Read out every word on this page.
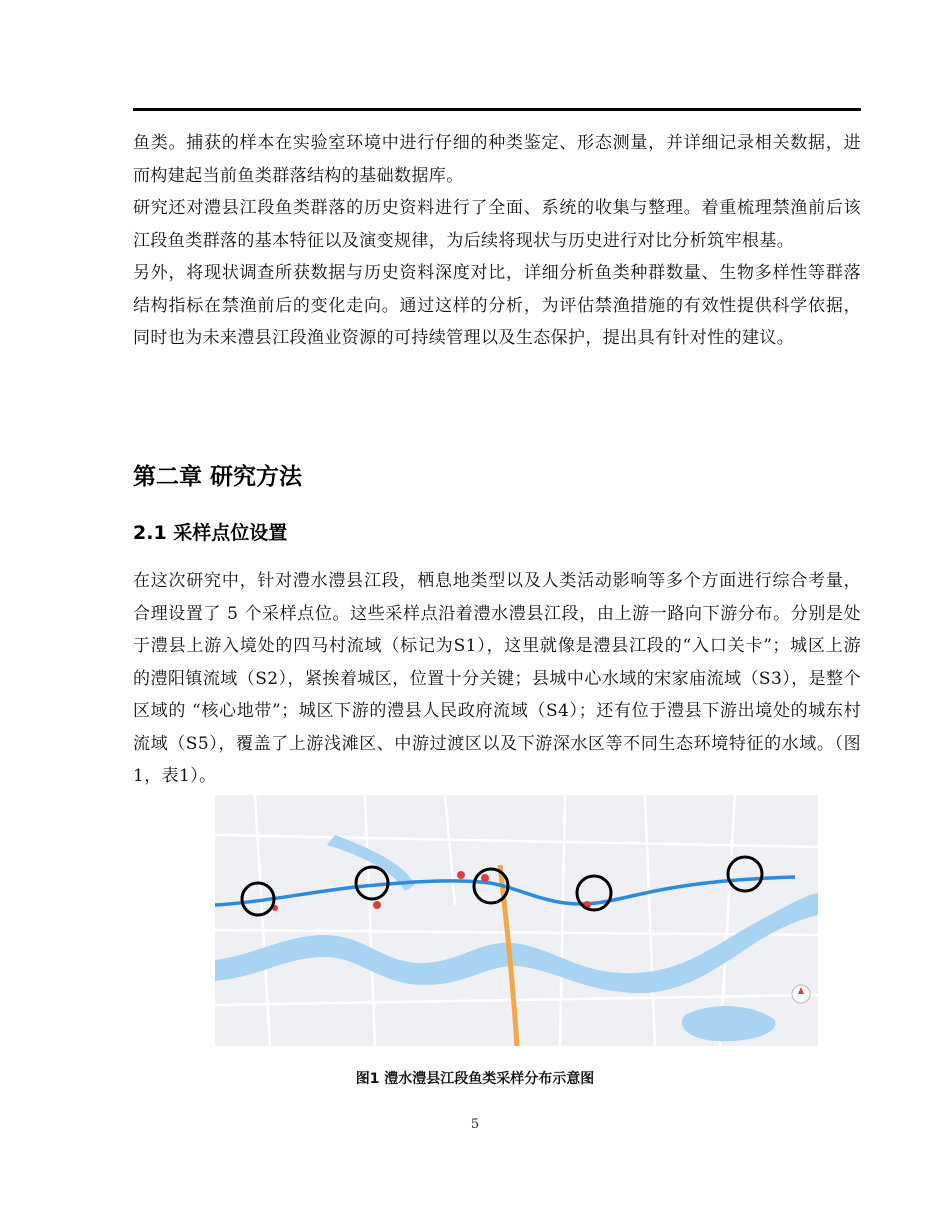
鱼类。捕获的样本在实验室环境中进行仔细的种类鉴定、形态测量，并详细记录相关数据，进而构建起当前鱼类群落结构的基础数据库。

研究还对澧县江段鱼类群落的历史资料进行了全面、系统的收集与整理。着重梳理禁渔前后该江段鱼类群落的基本特征以及演变规律，为后续将现状与历史进行对比分析筑牢根基。

另外，将现状调查所获数据与历史资料深度对比，详细分析鱼类种群数量、生物多样性等群落结构指标在禁渔前后的变化走向。通过这样的分析，为评估禁渔措施的有效性提供科学依据，同时也为未来澧县江段渔业资源的可持续管理以及生态保护，提出具有针对性的建议。

第二章 研究方法
2.1 采样点位设置

在这次研究中，针对澧水澧县江段，栖息地类型以及人类活动影响等多个方面进行综合考量，合理设置了 5 个采样点位。这些采样点沿着澧水澧县江段，由上游一路向下游分布。分别是处于澧县上游入境处的四马村流域（标记为S1），这里就像是澧县江段的“入口关卡”；城区上游的澧阳镇流域（S2），紧挨着城区，位置十分关键；县城中心水域的宋家庙流域（S3），是整个区域的 “核心地带”；城区下游的澧县人民政府流域（S4）；还有位于澧县下游出境处的城东村流域（S5），覆盖了上游浅滩区、中游过渡区以及下游深水区等不同生态环境特征的水域。（图1，表1）。

图1 澧水澧县江段鱼类采样分布示意图
5
